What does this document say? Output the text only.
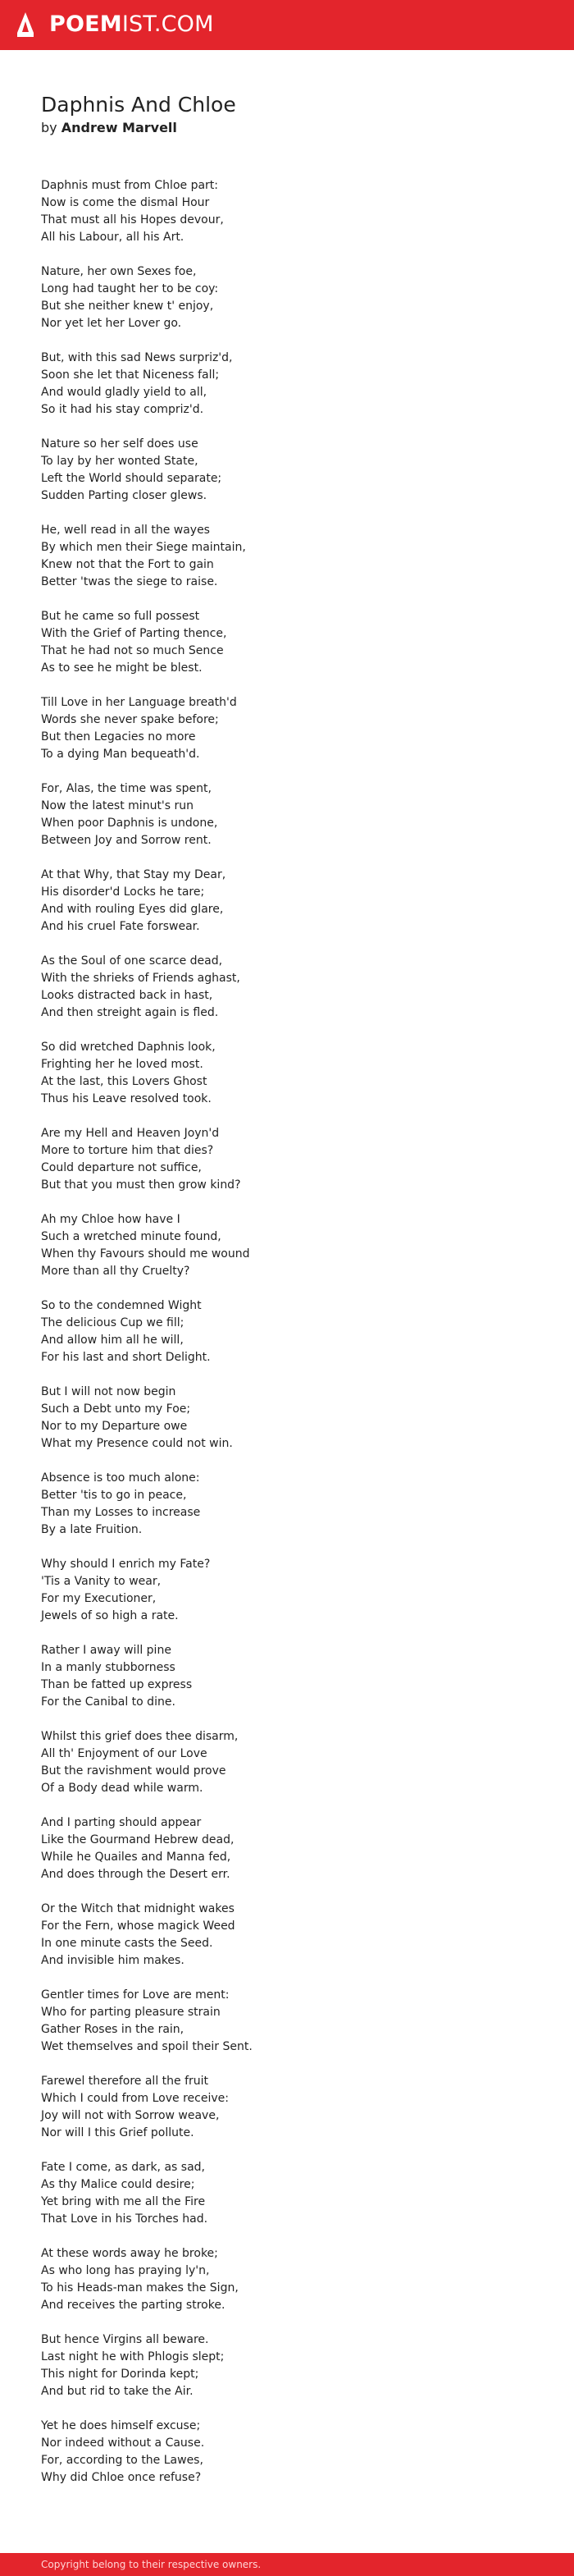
POEMIST.COM
Daphnis And Chloe
by Andrew Marvell
Daphnis must from Chloe part:
Now is come the dismal Hour
That must all his Hopes devour,
All his Labour, all his Art.
Nature, her own Sexes foe,
Long had taught her to be coy:
But she neither knew t' enjoy,
Nor yet let her Lover go.
But, with this sad News surpriz'd,
Soon she let that Niceness fall;
And would gladly yield to all,
So it had his stay compriz'd.
Nature so her self does use
To lay by her wonted State,
Left the World should separate;
Sudden Parting closer glews.
He, well read in all the wayes
By which men their Siege maintain,
Knew not that the Fort to gain
Better 'twas the siege to raise.
But he came so full possest
With the Grief of Parting thence,
That he had not so much Sence
As to see he might be blest.
Till Love in her Language breath'd
Words she never spake before;
But then Legacies no more
To a dying Man bequeath'd.
For, Alas, the time was spent,
Now the latest minut's run
When poor Daphnis is undone,
Between Joy and Sorrow rent.
At that Why, that Stay my Dear,
His disorder'd Locks he tare;
And with rouling Eyes did glare,
And his cruel Fate forswear.
As the Soul of one scarce dead,
With the shrieks of Friends aghast,
Looks distracted back in hast,
And then streight again is fled.
So did wretched Daphnis look,
Frighting her he loved most.
At the last, this Lovers Ghost
Thus his Leave resolved took.
Are my Hell and Heaven Joyn'd
More to torture him that dies?
Could departure not suffice,
But that you must then grow kind?
Ah my Chloe how have I
Such a wretched minute found,
When thy Favours should me wound
More than all thy Cruelty?
So to the condemned Wight
The delicious Cup we fill;
And allow him all he will,
For his last and short Delight.
But I will not now begin
Such a Debt unto my Foe;
Nor to my Departure owe
What my Presence could not win.
Absence is too much alone:
Better 'tis to go in peace,
Than my Losses to increase
By a late Fruition.
Why should I enrich my Fate?
'Tis a Vanity to wear,
For my Executioner,
Jewels of so high a rate.
Rather I away will pine
In a manly stubborness
Than be fatted up express
For the Canibal to dine.
Whilst this grief does thee disarm,
All th' Enjoyment of our Love
But the ravishment would prove
Of a Body dead while warm.
And I parting should appear
Like the Gourmand Hebrew dead,
While he Quailes and Manna fed,
And does through the Desert err.
Or the Witch that midnight wakes
For the Fern, whose magick Weed
In one minute casts the Seed.
And invisible him makes.
Gentler times for Love are ment:
Who for parting pleasure strain
Gather Roses in the rain,
Wet themselves and spoil their Sent.
Farewel therefore all the fruit
Which I could from Love receive:
Joy will not with Sorrow weave,
Nor will I this Grief pollute.
Fate I come, as dark, as sad,
As thy Malice could desire;
Yet bring with me all the Fire
That Love in his Torches had.
At these words away he broke;
As who long has praying ly'n,
To his Heads-man makes the Sign,
And receives the parting stroke.
But hence Virgins all beware.
Last night he with Phlogis slept;
This night for Dorinda kept;
And but rid to take the Air.
Yet he does himself excuse;
Nor indeed without a Cause.
For, according to the Lawes,
Why did Chloe once refuse?
Copyright belong to their respective owners.
